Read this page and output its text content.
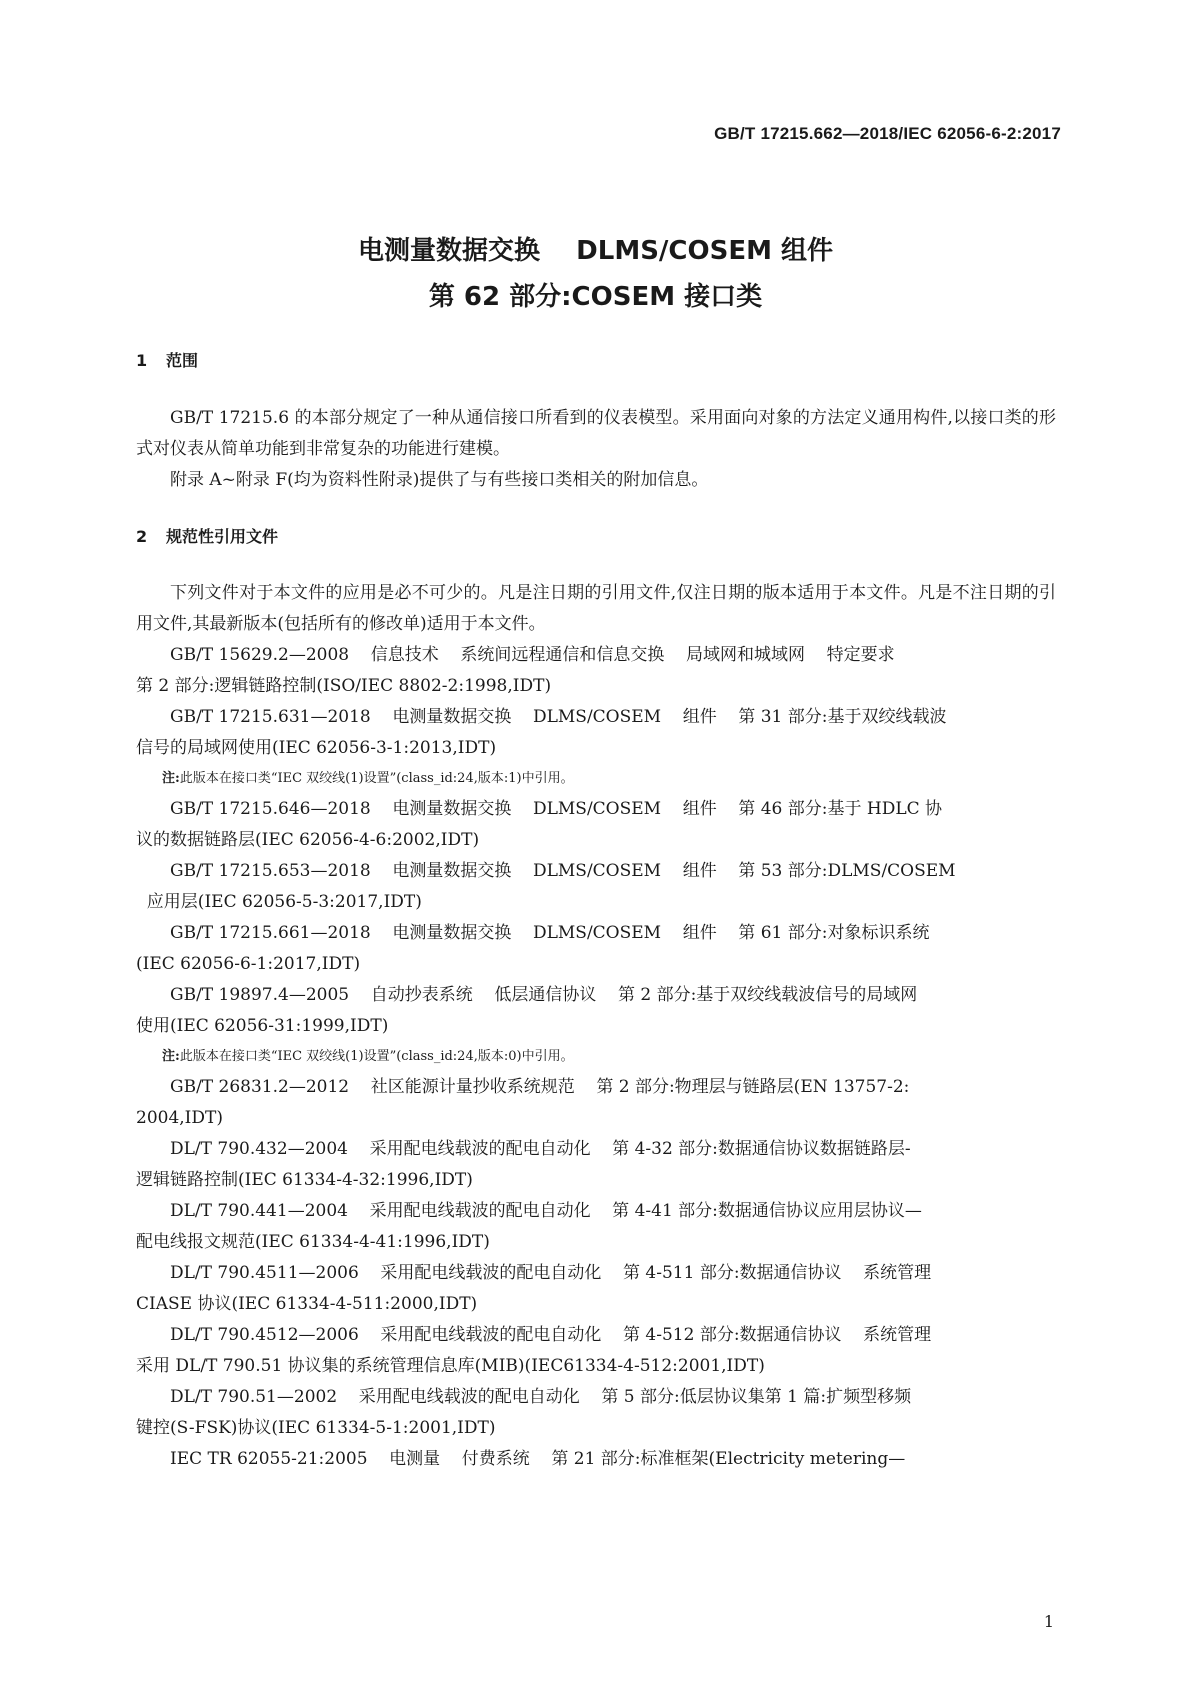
GB/T 17215.662—2018/IEC 62056-6-2:2017
电测量数据交换    DLMS/COSEM 组件
第 62 部分:COSEM 接口类
1 范围

GB/T 17215.6 的本部分规定了一种从通信接口所看到的仪表模型。采用面向对象的方法定义通用构件,以接口类的形式对仪表从简单功能到非常复杂的功能进行建模。

附录 A~附录 F(均为资料性附录)提供了与有些接口类相关的附加信息。

2 规范性引用文件

下列文件对于本文件的应用是必不可少的。凡是注日期的引用文件,仅注日期的版本适用于本文件。凡是不注日期的引用文件,其最新版本(包括所有的修改单)适用于本文件。

GB/T 15629.2—2008    信息技术    系统间远程通信和信息交换    局域网和城域网    特定要求
第 2 部分:逻辑链路控制(ISO/IEC 8802-2:1998,IDT)
GB/T 17215.631—2018    电测量数据交换    DLMS/COSEM    组件    第 31 部分:基于双绞线载波
信号的局域网使用(IEC 62056-3-1:2013,IDT)
注:此版本在接口类“IEC 双绞线(1)设置”(class_id:24,版本:1)中引用。
GB/T 17215.646—2018    电测量数据交换    DLMS/COSEM    组件    第 46 部分:基于 HDLC 协
议的数据链路层(IEC 62056-4-6:2002,IDT)
GB/T 17215.653—2018    电测量数据交换    DLMS/COSEM    组件    第 53 部分:DLMS/COSEM
应用层(IEC 62056-5-3:2017,IDT)
GB/T 17215.661—2018    电测量数据交换    DLMS/COSEM    组件    第 61 部分:对象标识系统
(IEC 62056-6-1:2017,IDT)
GB/T 19897.4—2005    自动抄表系统    低层通信协议    第 2 部分:基于双绞线载波信号的局域网
使用(IEC 62056-31:1999,IDT)
注:此版本在接口类“IEC 双绞线(1)设置”(class_id:24,版本:0)中引用。
GB/T 26831.2—2012    社区能源计量抄收系统规范    第 2 部分:物理层与链路层(EN 13757-2:
2004,IDT)
DL/T 790.432—2004    采用配电线载波的配电自动化    第 4-32 部分:数据通信协议数据链路层-
逻辑链路控制(IEC 61334-4-32:1996,IDT)
DL/T 790.441—2004    采用配电线载波的配电自动化    第 4-41 部分:数据通信协议应用层协议—
配电线报文规范(IEC 61334-4-41:1996,IDT)
DL/T 790.4511—2006    采用配电线载波的配电自动化    第 4-511 部分:数据通信协议    系统管理
CIASE 协议(IEC 61334-4-511:2000,IDT)
DL/T 790.4512—2006    采用配电线载波的配电自动化    第 4-512 部分:数据通信协议    系统管理
采用 DL/T 790.51 协议集的系统管理信息库(MIB)(IEC61334-4-512:2001,IDT)
DL/T 790.51—2002    采用配电线载波的配电自动化    第 5 部分:低层协议集第 1 篇:扩频型移频
键控(S-FSK)协议(IEC 61334-5-1:2001,IDT)
IEC TR 62055-21:2005    电测量    付费系统    第 21 部分:标准框架(Electricity metering—
1
